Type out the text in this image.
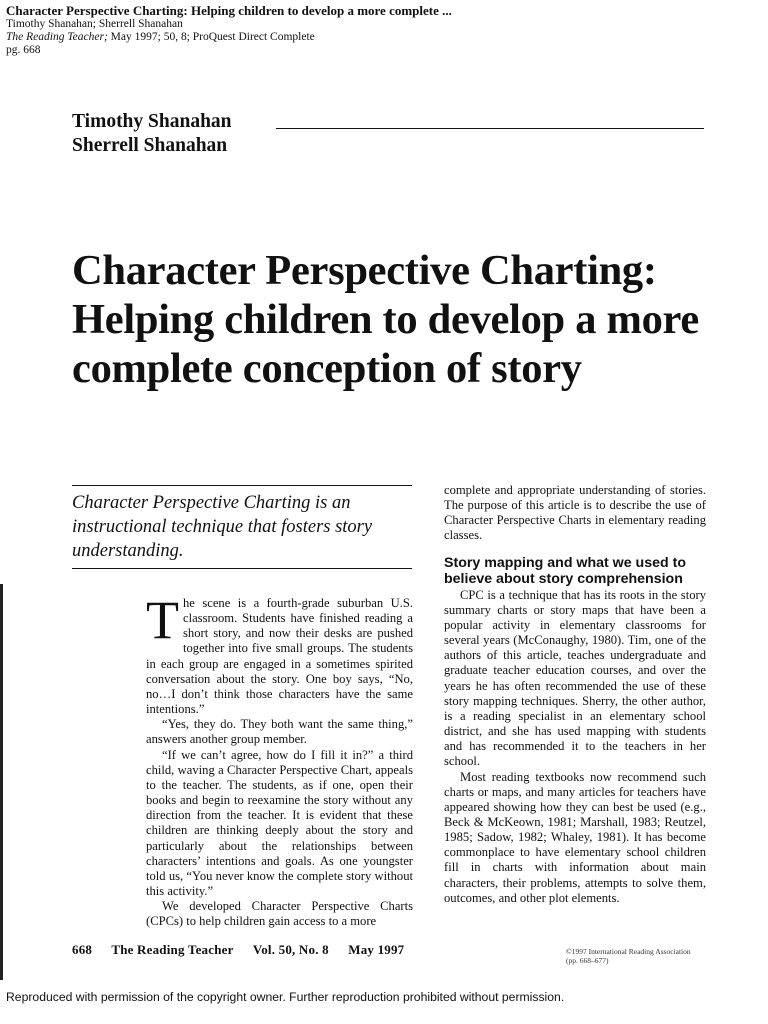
Character Perspective Charting: Helping children to develop a more complete ...
Timothy Shanahan; Sherrell Shanahan
The Reading Teacher; May 1997; 50, 8; ProQuest Direct Complete
pg. 668
Timothy Shanahan
Sherrell Shanahan
Character Perspective Charting: Helping children to develop a more complete conception of story
Character Perspective Charting is an instructional technique that fosters story understanding.

The scene is a fourth-grade suburban U.S. classroom. Students have finished reading a short story, and now their desks are pushed together into five small groups. The students in each group are engaged in a sometimes spirited conversation about the story. One boy says, “No, no…I don’t think those characters have the same intentions.”

“Yes, they do. They both want the same thing,” answers another group member.

“If we can’t agree, how do I fill it in?” a third child, waving a Character Perspective Chart, appeals to the teacher. The students, as if one, open their books and begin to reexamine the story without any direction from the teacher. It is evident that these children are thinking deeply about the story and particularly about the relationships between characters’ intentions and goals. As one youngster told us, “You never know the complete story without this activity.”

We developed Character Perspective Charts (CPCs) to help children gain access to a more

complete and appropriate understanding of stories. The purpose of this article is to describe the use of Character Perspective Charts in elementary reading classes.

Story mapping and what we used to believe about story comprehension

CPC is a technique that has its roots in the story summary charts or story maps that have been a popular activity in elementary classrooms for several years (McConaughy, 1980). Tim, one of the authors of this article, teaches undergraduate and graduate teacher education courses, and over the years he has often recommended the use of these story mapping techniques. Sherry, the other author, is a reading specialist in an elementary school district, and she has used mapping with students and has recommended it to the teachers in her school.

Most reading textbooks now recommend such charts or maps, and many articles for teachers have appeared showing how they can best be used (e.g., Beck & McKeown, 1981; Marshall, 1983; Reutzel, 1985; Sadow, 1982; Whaley, 1981). It has become commonplace to have elementary school children fill in charts with information about main characters, their problems, attempts to solve them, outcomes, and other plot elements.

668 The Reading Teacher Vol. 50, No. 8 May 1997	©1997 International Reading Association
(pp. 668–677)
Reproduced with permission of the copyright owner. Further reproduction prohibited without permission.
